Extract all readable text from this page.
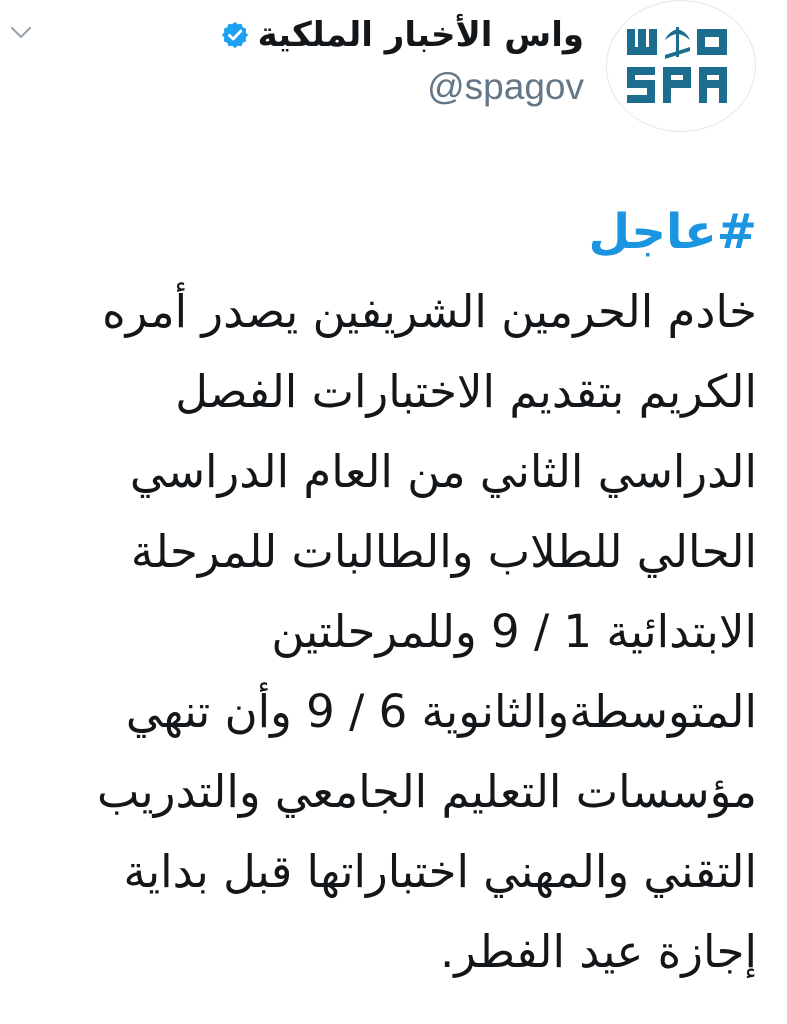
واس الأخبار الملكية
@spagov
#عاجل
خادم الحرمين الشريفين يصدر أمره
الكريم بتقديم الاختبارات الفصل
الدراسي الثاني من العام الدراسي
الحالي للطلاب والطالبات للمرحلة
الابتدائية 1 / 9 وللمرحلتين
المتوسطةوالثانوية 6 / 9 وأن تنهي
مؤسسات التعليم الجامعي والتدريب
التقني والمهني اختباراتها قبل بداية
إجازة عيد الفطر.
